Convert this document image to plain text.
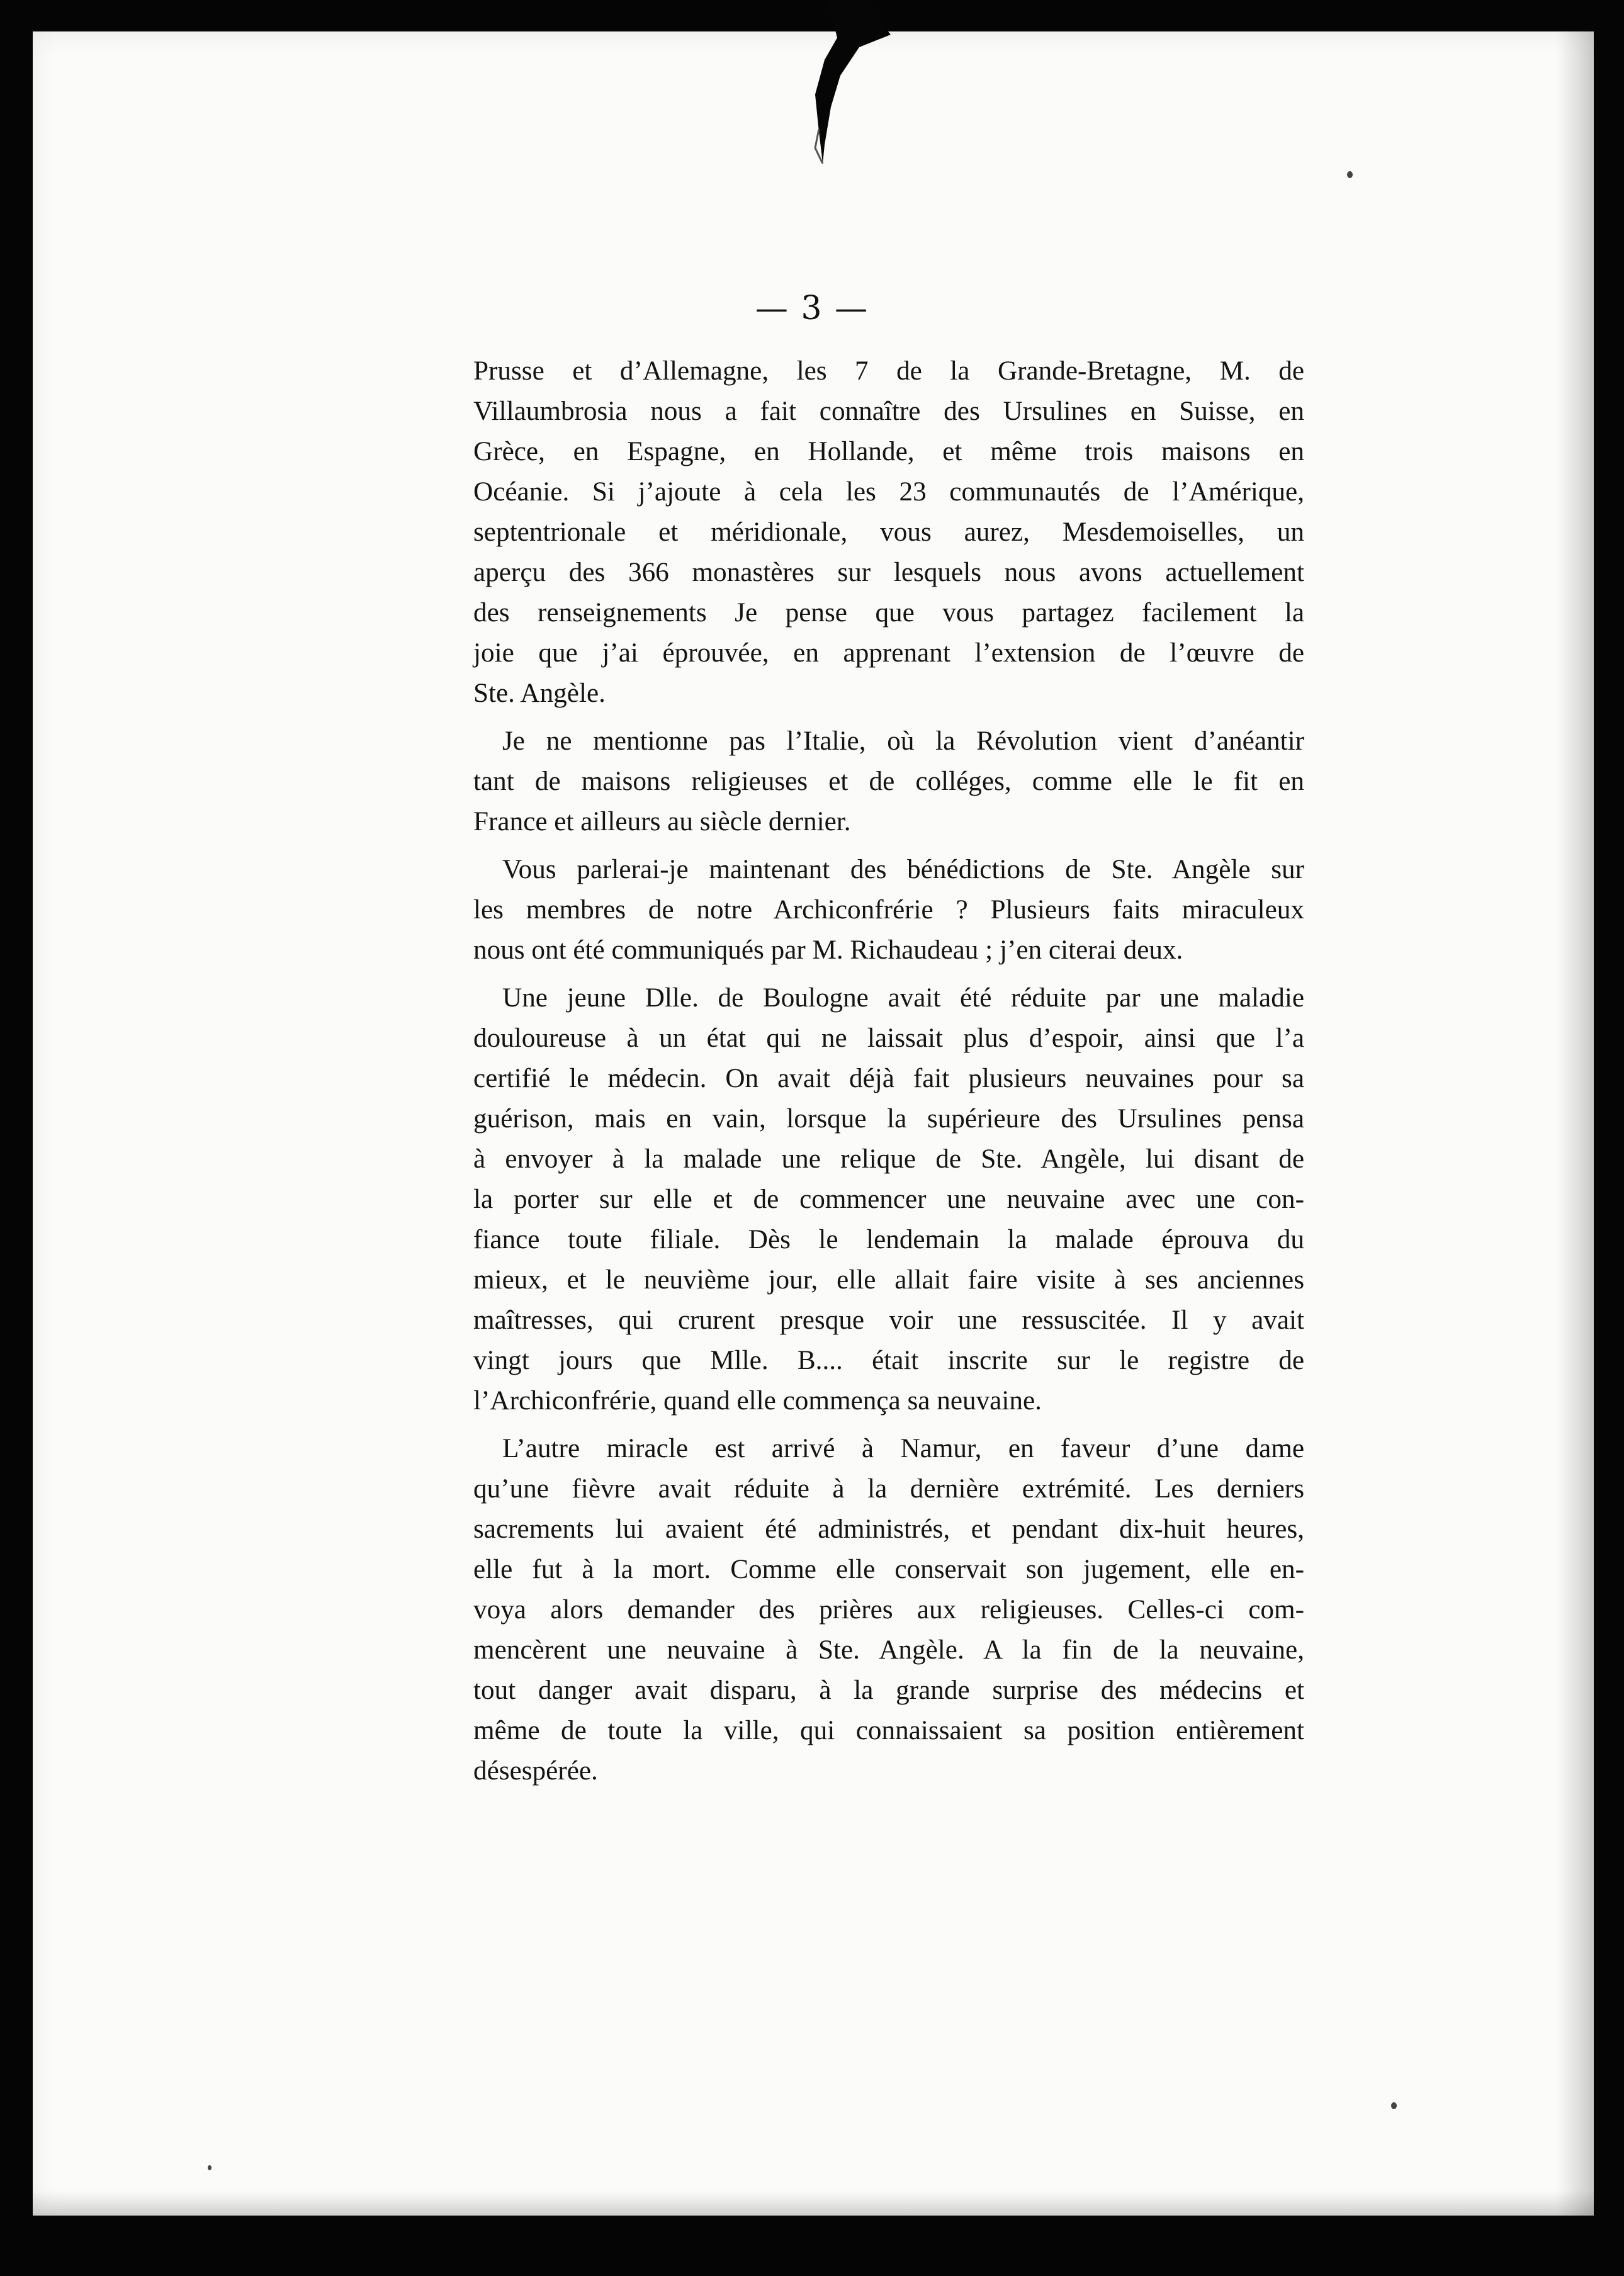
— 3 —
Prusse et d’Allemagne, les 7 de la Grande-Bretagne, M. de
Villaumbrosia nous a fait connaître des Ursulines en Suisse, en
Grèce, en Espagne, en Hollande, et même trois maisons en
Océanie. Si j’ajoute à cela les 23 communautés de l’Amérique,
septentrionale et méridionale, vous aurez, Mesdemoiselles, un
aperçu des 366 monastères sur lesquels nous avons actuellement
des renseignements Je pense que vous partagez facilement la
joie que j’ai éprouvée, en apprenant l’extension de l’œuvre de
Ste. Angèle.
Je ne mentionne pas l’Italie, où la Révolution vient d’anéantir
tant de maisons religieuses et de colléges, comme elle le fit en
France et ailleurs au siècle dernier.
Vous parlerai-je maintenant des bénédictions de Ste. Angèle sur
les membres de notre Archiconfrérie ? Plusieurs faits miraculeux
nous ont été communiqués par M. Richaudeau ; j’en citerai deux.
Une jeune Dlle. de Boulogne avait été réduite par une maladie
douloureuse à un état qui ne laissait plus d’espoir, ainsi que l’a
certifié le médecin. On avait déjà fait plusieurs neuvaines pour sa
guérison, mais en vain, lorsque la supérieure des Ursulines pensa
à envoyer à la malade une relique de Ste. Angèle, lui disant de
la porter sur elle et de commencer une neuvaine avec une con-
fiance toute filiale. Dès le lendemain la malade éprouva du
mieux, et le neuvième jour, elle allait faire visite à ses anciennes
maîtresses, qui crurent presque voir une ressuscitée. Il y avait
vingt jours que Mlle. B.... était inscrite sur le registre de
l’Archiconfrérie, quand elle commença sa neuvaine.
L’autre miracle est arrivé à Namur, en faveur d’une dame
qu’une fièvre avait réduite à la dernière extrémité. Les derniers
sacrements lui avaient été administrés, et pendant dix-huit heures,
elle fut à la mort. Comme elle conservait son jugement, elle en-
voya alors demander des prières aux religieuses. Celles-ci com-
mencèrent une neuvaine à Ste. Angèle. A la fin de la neuvaine,
tout danger avait disparu, à la grande surprise des médecins et
même de toute la ville, qui connaissaient sa position entièrement
désespérée.
